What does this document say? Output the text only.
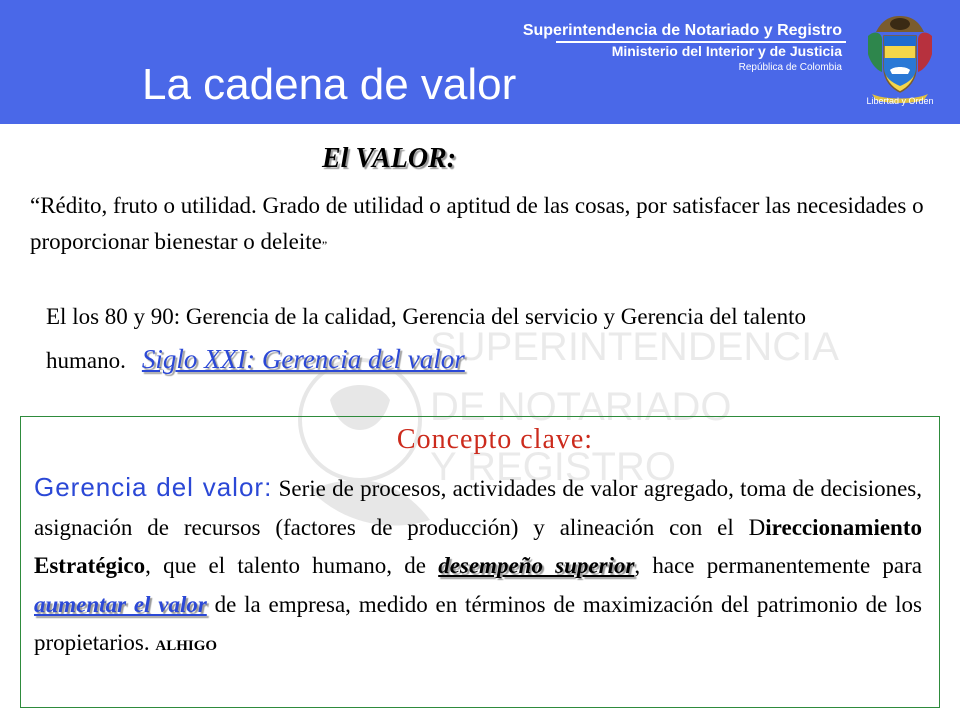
La cadena de valor
Superintendencia de Notariado y Registro
Ministerio del Interior y de Justicia
República de Colombia
Libertad y Orden
SUPERINTENDENCIA
DE NOTARIADO
Y REGISTRO
El VALOR:
“Rédito, fruto o utilidad. Grado de utilidad o aptitud de las cosas, por satisfacer las necesidades o proporcionar bienestar o deleite”
El los 80 y 90: Gerencia de la calidad, Gerencia del servicio y Gerencia del talento humano. Siglo XXI: Gerencia del valor
Concepto clave:
Gerencia del valor: Serie de procesos, actividades de valor agregado, toma de decisiones, asignación de recursos (factores de producción) y alineación con el Direccionamiento Estratégico, que el talento humano, de desempeño superior, hace permanentemente para aumentar el valor de la empresa, medido en términos de maximización del patrimonio de los propietarios. ALHIGO
